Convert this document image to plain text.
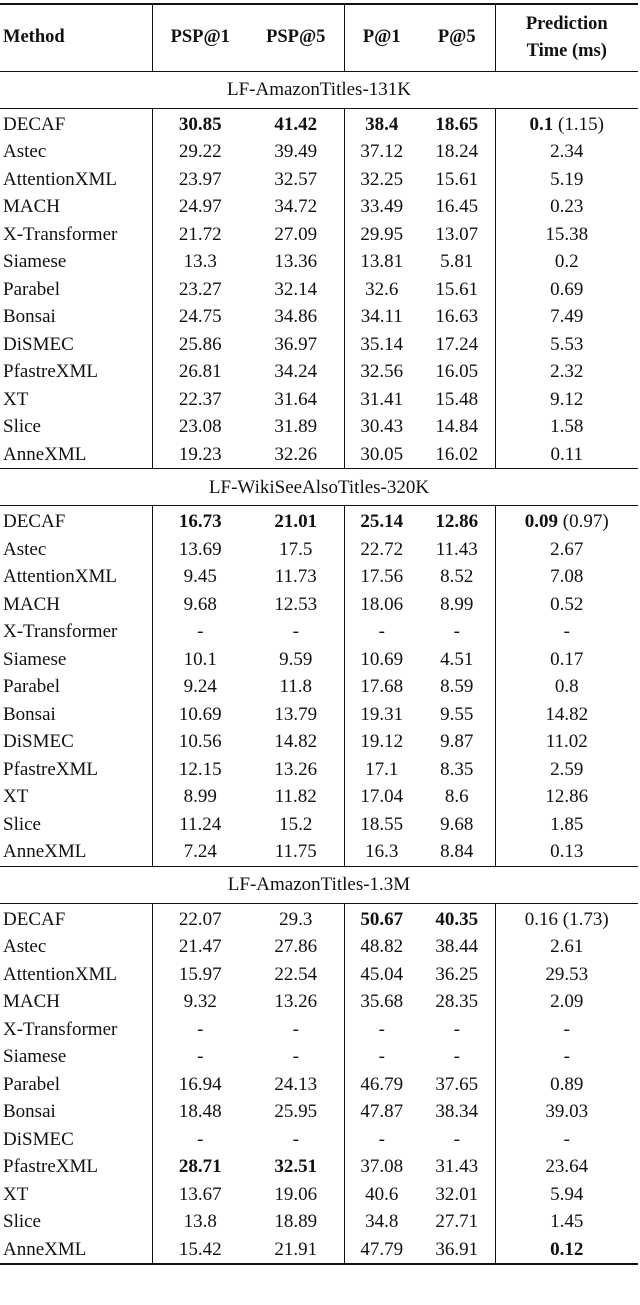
Method	PSP@1	PSP@5	P@1	P@5	Prediction
Time (ms)
LF-AmazonTitles-131K					
DECAF	30.85	41.42	38.4	18.65	0.1 (1.15)
Astec	29.22	39.49	37.12	18.24	2.34
AttentionXML	23.97	32.57	32.25	15.61	5.19
MACH	24.97	34.72	33.49	16.45	0.23
X-Transformer	21.72	27.09	29.95	13.07	15.38
Siamese	13.3	13.36	13.81	5.81	0.2
Parabel	23.27	32.14	32.6	15.61	0.69
Bonsai	24.75	34.86	34.11	16.63	7.49
DiSMEC	25.86	36.97	35.14	17.24	5.53
PfastreXML	26.81	34.24	32.56	16.05	2.32
XT	22.37	31.64	31.41	15.48	9.12
Slice	23.08	31.89	30.43	14.84	1.58
AnneXML	19.23	32.26	30.05	16.02	0.11
LF-WikiSeeAlsoTitles-320K					
DECAF	16.73	21.01	25.14	12.86	0.09 (0.97)
Astec	13.69	17.5	22.72	11.43	2.67
AttentionXML	9.45	11.73	17.56	8.52	7.08
MACH	9.68	12.53	18.06	8.99	0.52
X-Transformer	-	-	-	-	-
Siamese	10.1	9.59	10.69	4.51	0.17
Parabel	9.24	11.8	17.68	8.59	0.8
Bonsai	10.69	13.79	19.31	9.55	14.82
DiSMEC	10.56	14.82	19.12	9.87	11.02
PfastreXML	12.15	13.26	17.1	8.35	2.59
XT	8.99	11.82	17.04	8.6	12.86
Slice	11.24	15.2	18.55	9.68	1.85
AnneXML	7.24	11.75	16.3	8.84	0.13
LF-AmazonTitles-1.3M					
DECAF	22.07	29.3	50.67	40.35	0.16 (1.73)
Astec	21.47	27.86	48.82	38.44	2.61
AttentionXML	15.97	22.54	45.04	36.25	29.53
MACH	9.32	13.26	35.68	28.35	2.09
X-Transformer	-	-	-	-	-
Siamese	-	-	-	-	-
Parabel	16.94	24.13	46.79	37.65	0.89
Bonsai	18.48	25.95	47.87	38.34	39.03
DiSMEC	-	-	-	-	-
PfastreXML	28.71	32.51	37.08	31.43	23.64
XT	13.67	19.06	40.6	32.01	5.94
Slice	13.8	18.89	34.8	27.71	1.45
AnneXML	15.42	21.91	47.79	36.91	0.12
